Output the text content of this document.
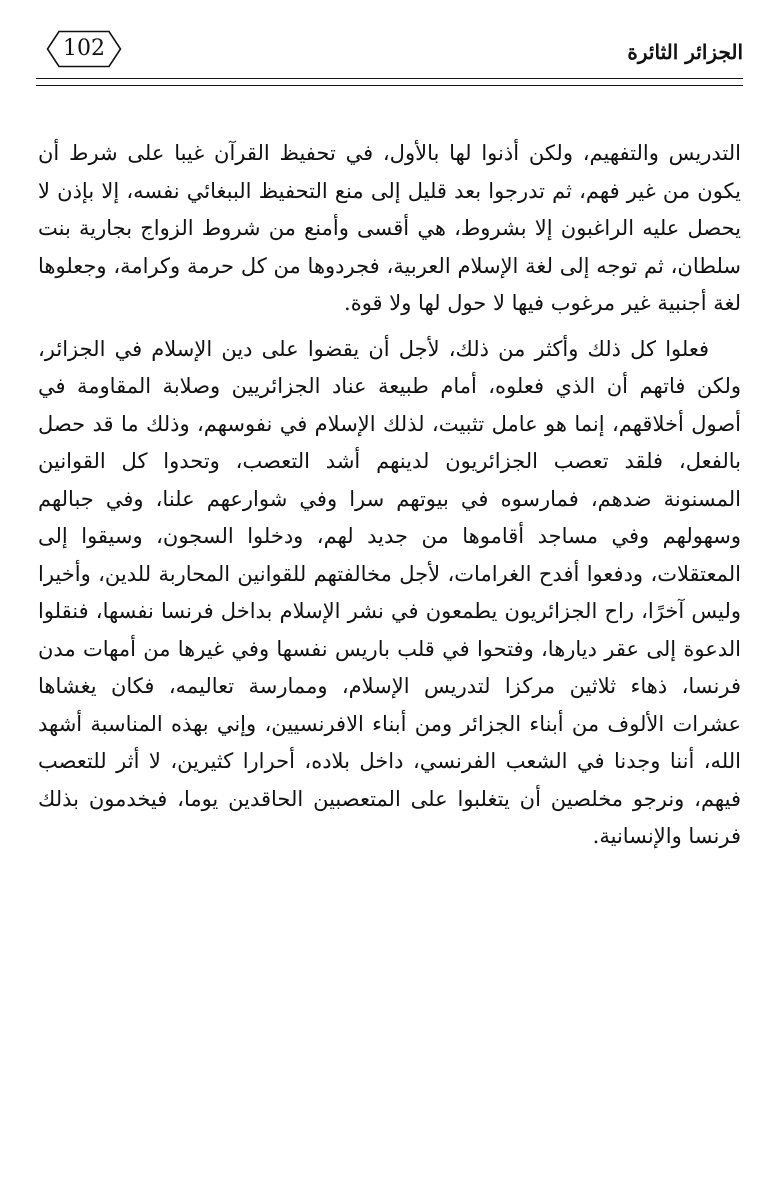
الجزائر الثائرة
102

التدريس والتفهيم، ولكن أذنوا لها بالأول، في تحفيظ القرآن غيبا على شرط أن يكون من غير فهم، ثم تدرجوا بعد قليل إلى منع التحفيظ الببغائي نفسه، إلا بإذن لا يحصل عليه الراغبون إلا بشروط، هي أقسى وأمنع من شروط الزواج بجارية بنت سلطان، ثم توجه إلى لغة الإسلام العربية، فجردوها من كل حرمة وكرامة، وجعلوها لغة أجنبية غير مرغوب فيها لا حول لها ولا قوة.

فعلوا كل ذلك وأكثر من ذلك، لأجل أن يقضوا على دين الإسلام في الجزائر، ولكن فاتهم أن الذي فعلوه، أمام طبيعة عناد الجزائريين وصلابة المقاومة في أصول أخلاقهم، إنما هو عامل تثبيت، لذلك الإسلام في نفوسهم، وذلك ما قد حصل بالفعل، فلقد تعصب الجزائريون لدينهم أشد التعصب، وتحدوا كل القوانين المسنونة ضدهم، فمارسوه في بيوتهم سرا وفي شوارعهم علنا، وفي جبالهم وسهولهم وفي مساجد أقاموها من جديد لهم، ودخلوا السجون، وسيقوا إلى المعتقلات، ودفعوا أفدح الغرامات، لأجل مخالفتهم للقوانين المحاربة للدين، وأخيرا وليس آخرًا، راح الجزائريون يطمعون في نشر الإسلام بداخل فرنسا نفسها، فنقلوا الدعوة إلى عقر ديارها، وفتحوا في قلب باريس نفسها وفي غيرها من أمهات مدن فرنسا، ذهاء ثلاثين مركزا لتدريس الإسلام، وممارسة تعاليمه، فكان يغشاها عشرات الألوف من أبناء الجزائر ومن أبناء الافرنسيين، وإني بهذه المناسبة أشهد الله، أننا وجدنا في الشعب الفرنسي، داخل بلاده، أحرارا كثيرين، لا أثر للتعصب فيهم، ونرجو مخلصين أن يتغلبوا على المتعصبين الحاقدين يوما، فيخدمون بذلك فرنسا والإنسانية.
